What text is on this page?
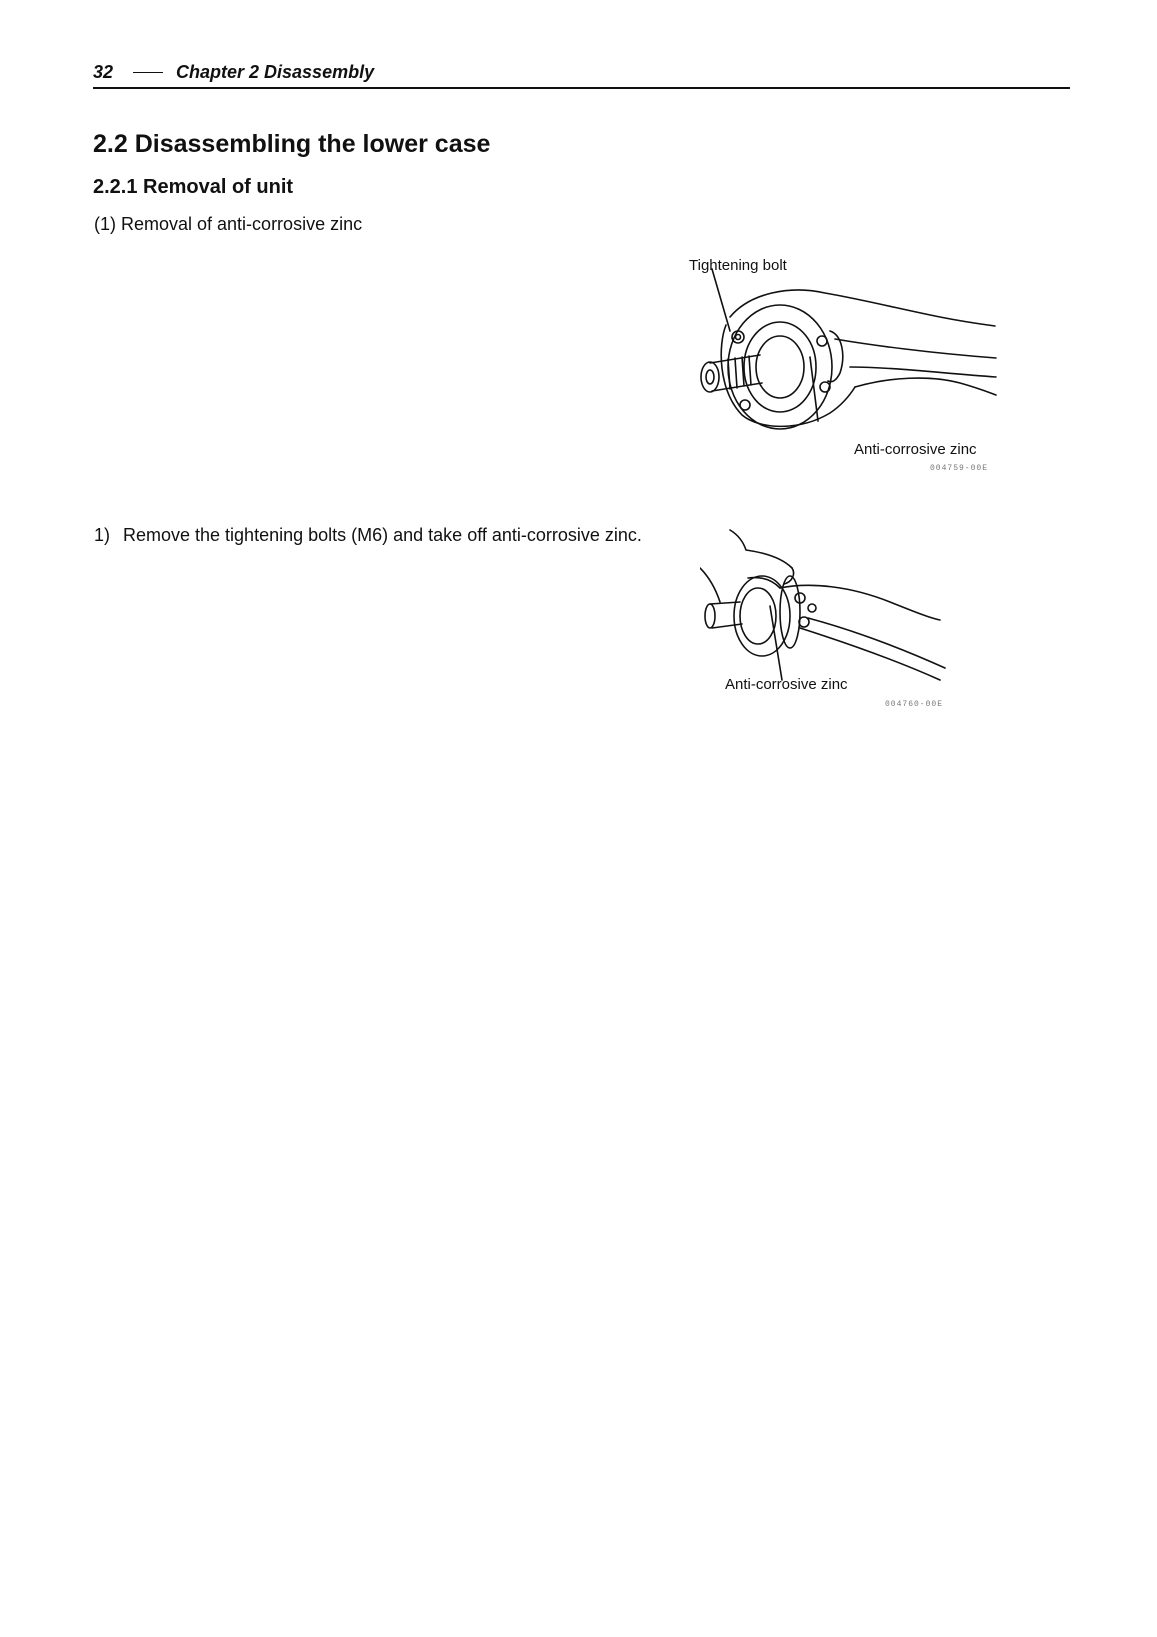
32	Chapter 2 Disassembly
2.2 Disassembling the lower case
2.2.1 Removal of unit
(1) Removal of anti-corrosive zinc
1) Remove the tightening bolts (M6) and take off anti-corrosive zinc.
Tightening bolt
Anti-corrosive zinc
004759-00E
Anti-corrosive zinc
004760-00E
